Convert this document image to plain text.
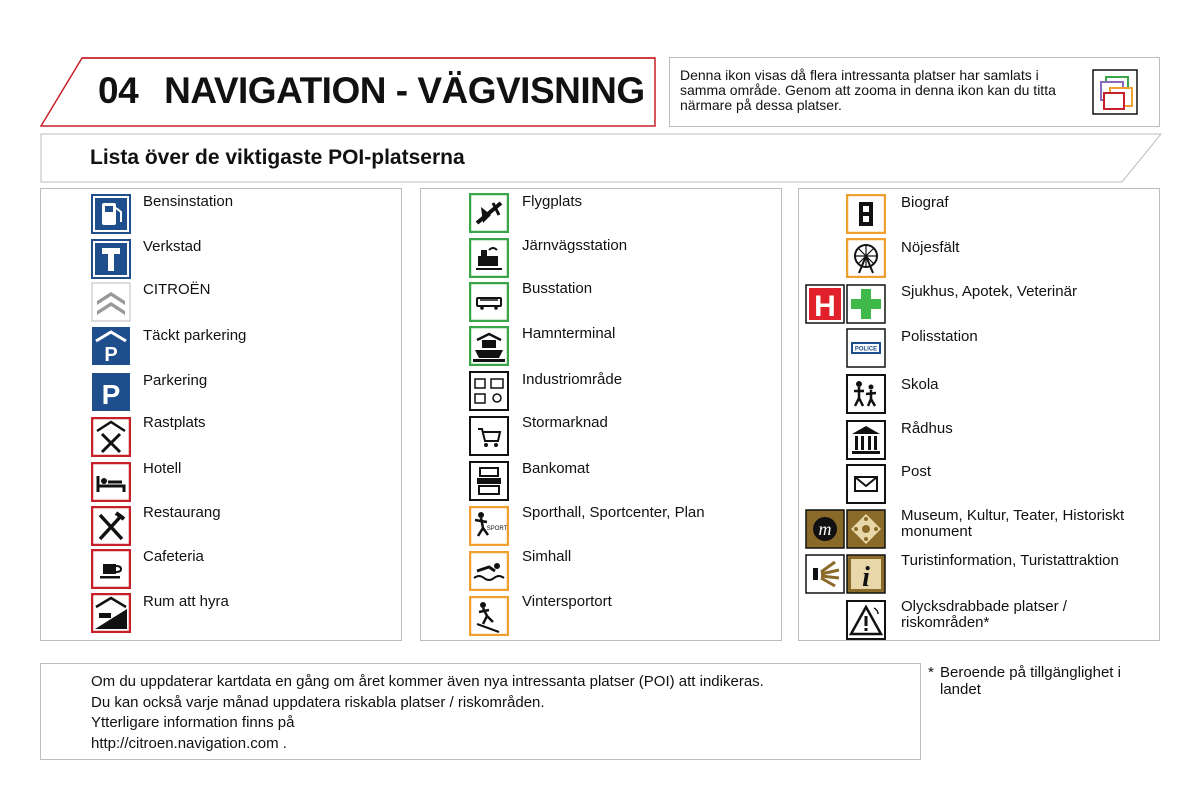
04 NAVIGATION - VÄGVISNING	Denna ikon visas då flera intressanta platser har samlats i samma område. Genom att zooma in denna ikon kan du titta närmare på dessa platser.
Lista över de viktigaste POI-platserna
Bensinstation
Verkstad
CITROËN
P
Täckt parkering
P Parkering
Rastplats
Hotell
Restaurang
Cafeteria
Rum att hyra
Flygplats
Järnvägsstation
Busstation
Hamnterminal
Industriområde
Stormarknad
Bankomat
SPORT
Sporthall, Sportcenter, Plan
Simhall
Vintersportort
Biograf
Nöjesfält
H	Sjukhus, Apotek, Veterinär
POLICE
Polisstation
Skola
Rådhus
Post
m
Museum, Kultur, Teater, Historiskt monument
i
Turistinformation, Turistattraktion
Olycksdrabbade platser / riskområden*
Om du uppdaterar kartdata en gång om året kommer även nya intressanta platser (POI) att indikeras.
Du kan också varje månad uppdatera riskabla platser / riskområden.
Ytterligare information finns på
http://citroen.navigation.com .
* Beroende på tillgänglighet i landet
